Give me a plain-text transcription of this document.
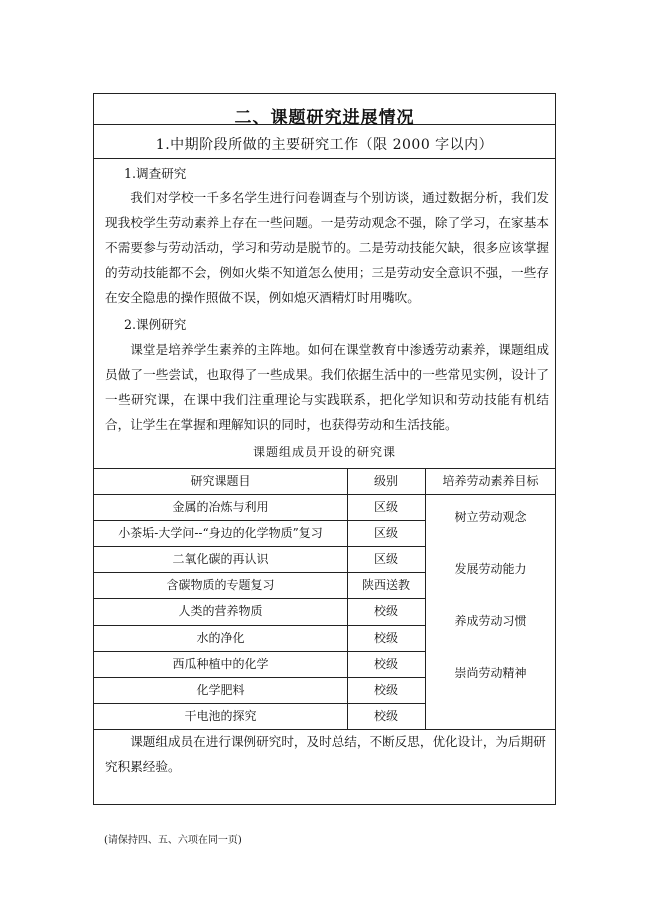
二、课题研究进展情况
1.中期阶段所做的主要研究工作（限 2000 字以内）
1.调查研究

我们对学校一千多名学生进行问卷调查与个别访谈，通过数据分析，我们发现我校学生劳动素养上存在一些问题。一是劳动观念不强，除了学习，在家基本不需要参与劳动活动，学习和劳动是脱节的。二是劳动技能欠缺，很多应该掌握的劳动技能都不会，例如火柴不知道怎么使用；三是劳动安全意识不强，一些存在安全隐患的操作照做不误，例如熄灭酒精灯时用嘴吹。

2.课例研究

课堂是培养学生素养的主阵地。如何在课堂教育中渗透劳动素养，课题组成员做了一些尝试，也取得了一些成果。我们依据生活中的一些常见实例，设计了一些研究课，在课中我们注重理论与实践联系，把化学知识和劳动技能有机结合，让学生在掌握和理解知识的同时，也获得劳动和生活技能。

课题组成员开设的研究课
研究课题目	级别	培养劳动素养目标
金属的冶炼与利用	区级
小茶垢-大学问--“身边的化学物质”复习	区级
二氧化碳的再认识	区级
含碳物质的专题复习	陕西送教
人类的营养物质	校级
水的净化	校级
西瓜种植中的化学	校级
化学肥料	校级
干电池的探究	校级
树立劳动观念
发展劳动能力
养成劳动习惯
崇尚劳动精神

课题组成员在进行课例研究时，及时总结，不断反思，优化设计，为后期研究积累经验。

(请保持四、五、六项在同一页)
